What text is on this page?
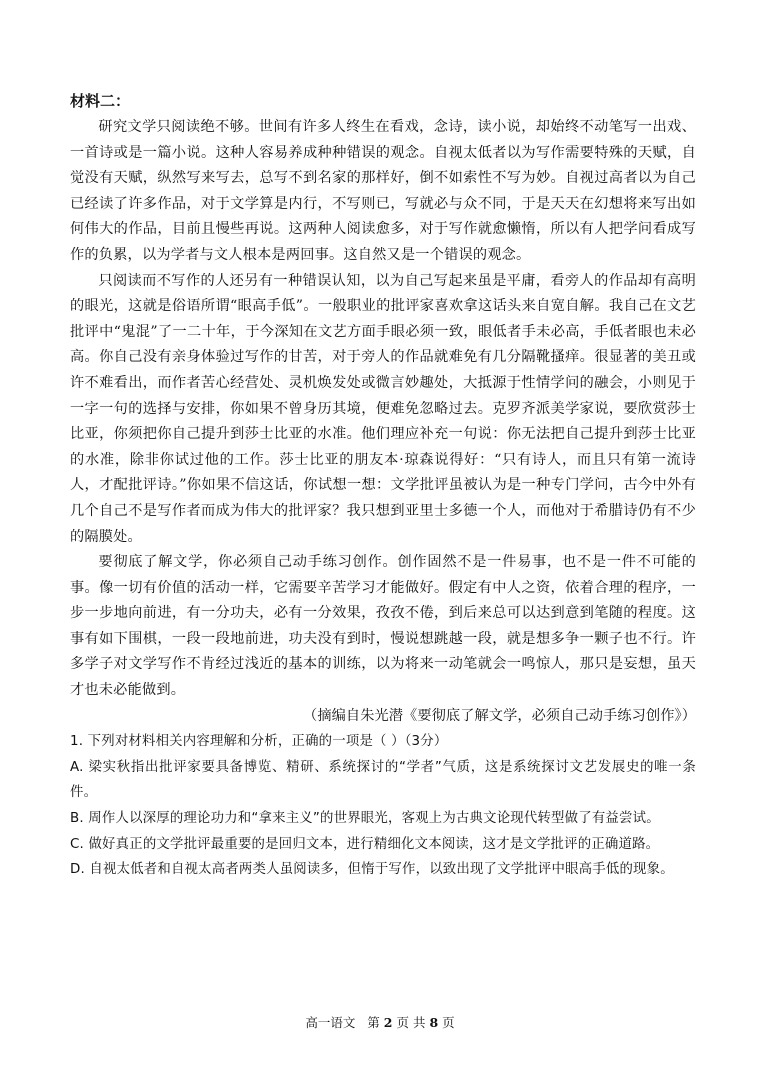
材料二：

研究文学只阅读绝不够。世间有许多人终生在看戏，念诗，读小说，却始终不动笔写一出戏、一首诗或是一篇小说。这种人容易养成种种错误的观念。自视太低者以为写作需要特殊的天赋，自觉没有天赋，纵然写来写去，总写不到名家的那样好，倒不如索性不写为妙。自视过高者以为自己已经读了许多作品，对于文学算是内行，不写则已，写就必与众不同，于是天天在幻想将来写出如何伟大的作品，目前且慢些再说。这两种人阅读愈多，对于写作就愈懒惰，所以有人把学问看成写作的负累，以为学者与文人根本是两回事。这自然又是一个错误的观念。

只阅读而不写作的人还另有一种错误认知，以为自己写起来虽是平庸，看旁人的作品却有高明的眼光，这就是俗语所谓“眼高手低”。一般职业的批评家喜欢拿这话头来自宽自解。我自己在文艺批评中“鬼混”了一二十年，于今深知在文艺方面手眼必须一致，眼低者手未必高，手低者眼也未必高。你自己没有亲身体验过写作的甘苦，对于旁人的作品就难免有几分隔靴搔痒。很显著的美丑或许不难看出，而作者苦心经营处、灵机焕发处或微言妙趣处，大抵源于性情学问的融会，小则见于一字一句的选择与安排，你如果不曾身历其境，便难免忽略过去。克罗齐派美学家说，要欣赏莎士比亚，你须把你自己提升到莎士比亚的水准。他们理应补充一句说：你无法把自己提升到莎士比亚的水准，除非你试过他的工作。莎士比亚的朋友本·琼森说得好：“只有诗人，而且只有第一流诗人，才配批评诗。”你如果不信这话，你试想一想：文学批评虽被认为是一种专门学问，古今中外有几个自己不是写作者而成为伟大的批评家？我只想到亚里士多德一个人，而他对于希腊诗仍有不少的隔膜处。

要彻底了解文学，你必须自己动手练习创作。创作固然不是一件易事，也不是一件不可能的事。像一切有价值的活动一样，它需要辛苦学习才能做好。假定有中人之资，依着合理的程序，一步一步地向前进，有一分功夫，必有一分效果，孜孜不倦，到后来总可以达到意到笔随的程度。这事有如下围棋，一段一段地前进，功夫没有到时，慢说想跳越一段，就是想多争一颗子也不行。许多学子对文学写作不肯经过浅近的基本的训练，以为将来一动笔就会一鸣惊人，那只是妄想，虽天才也未必能做到。

（摘编自朱光潜《要彻底了解文学，必须自己动手练习创作》）

1. 下列对材料相关内容理解和分析，正确的一项是（ ）（3分）

A. 梁实秋指出批评家要具备博览、精研、系统探讨的“学者”气质，这是系统探讨文艺发展史的唯一条件。

B. 周作人以深厚的理论功力和“拿来主义”的世界眼光，客观上为古典文论现代转型做了有益尝试。

C. 做好真正的文学批评最重要的是回归文本，进行精细化文本阅读，这才是文学批评的正确道路。

D. 自视太低者和自视太高者两类人虽阅读多，但惰于写作，以致出现了文学批评中眼高手低的现象。

高一语文 第 2 页 共 8 页
